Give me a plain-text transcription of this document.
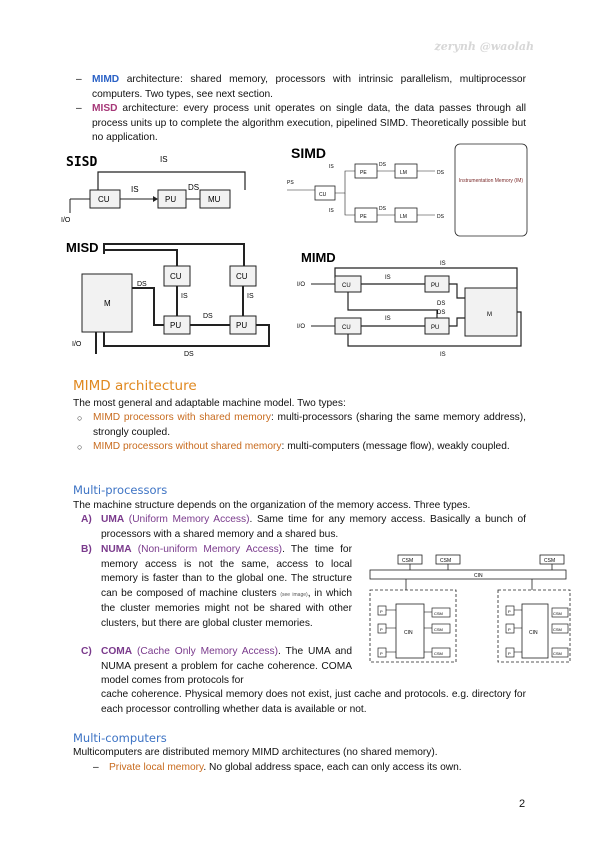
zerynh @waolah
– MIMD architecture: shared memory, processors with intrinsic parallelism, multiprocessor computers. Two types, see next section.
– MISD architecture: every process unit operates on single data, the data passes through all process units up to complete the algorithm execution, pipelined SIMD. Theoretically possible but no application.
SISD	IS
CU
IS
PU
DS
MU
I/O
SIMD
CU
PS
IS
IS
PE
PE
DS
DS
LM
LM
DS
DS
Instrumentation Memory (IM)
MISD
M
CU	CU
IS	IS
PU	PU
DS
DS
DS
I/O
MIMD	IS
I/O	CU
IS
PU
M
DS
DS
I/O	CU
IS
PU
IS
MIMD architecture
The most general and adaptable machine model. Two types:
○ MIMD processors with shared memory: multi-processors (sharing the same memory address), strongly coupled.
○ MIMD processors without shared memory: multi-computers (message flow), weakly coupled.
Multi-processors
The machine structure depends on the organization of the memory access. Three types.
A) UMA (Uniform Memory Access). Same time for any memory access. Basically a bunch of processors with a shared memory and a shared bus.
B) NUMA (Non-uniform Memory Access). The time for memory access is not the same, access to local memory is faster than to the global one. The structure can be composed of machine clusters (see image), in which the cluster memories might not be shared with other clusters, but there are global cluster memories.
C) COMA (Cache Only Memory Access). The UMA and NUMA present a problem for cache coherence. COMA model comes from protocols for
cache coherence. Physical memory does not exist, just cache and protocols. e.g. directory for each processor controlling whether data is available or not.
CSM	CSM	CSM
CIN
P
P
P
CIN
CSM
CSM
CSM
P
P
P
CIN
CSM
CSM
CSM
Multi-computers
Multicomputers are distributed memory MIMD architectures (no shared memory).
– Private local memory. No global address space, each can only access its own.
2
